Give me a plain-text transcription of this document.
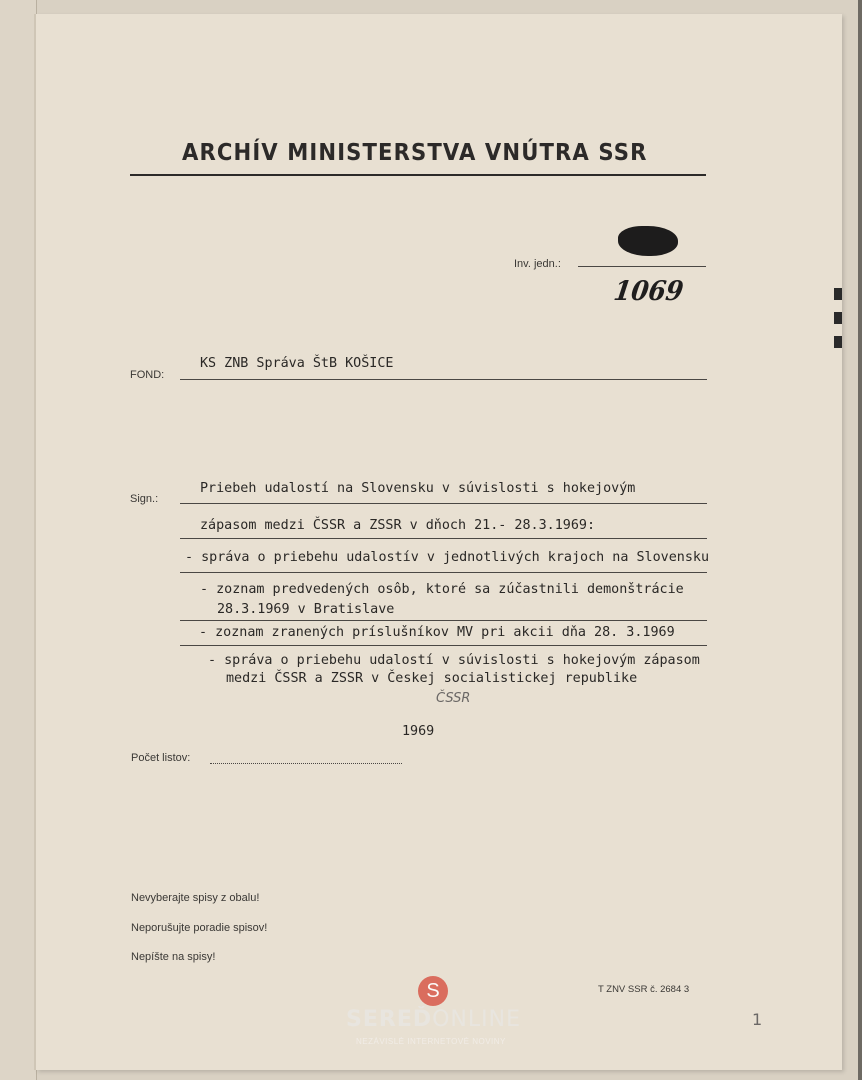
ARCHÍV MINISTERSTVA VNÚTRA SSR
Inv. jedn.:
1069
FOND:
KS ZNB Správa ŠtB KOŠICE
Sign.:
Priebeh udalostí na Slovensku v súvislosti s hokejovým
zápasom medzi ČSSR a ZSSR v dňoch 21.- 28.3.1969:
- správa o priebehu udalostív v jednotlivých krajoch na Slovensku
- zoznam predvedených osôb, ktoré sa zúčastnili demonštrácie
28.3.1969 v Bratislave
- zoznam zranených príslušníkov MV pri akcii dňa 28. 3.1969
- správa o priebehu udalostí v súvislosti s hokejovým zápasom
medzi ČSSR a ZSSR v Českej socialistickej republike
ČSSR
1969
Počet listov:
Nevyberajte spisy z obalu!
Neporušujte poradie spisov!
Nepíšte na spisy!
T ZNV SSR č. 2684 3
1
S
SEREĎONLINE
NEZÁVISLÉ INTERNETOVÉ NOVINY
